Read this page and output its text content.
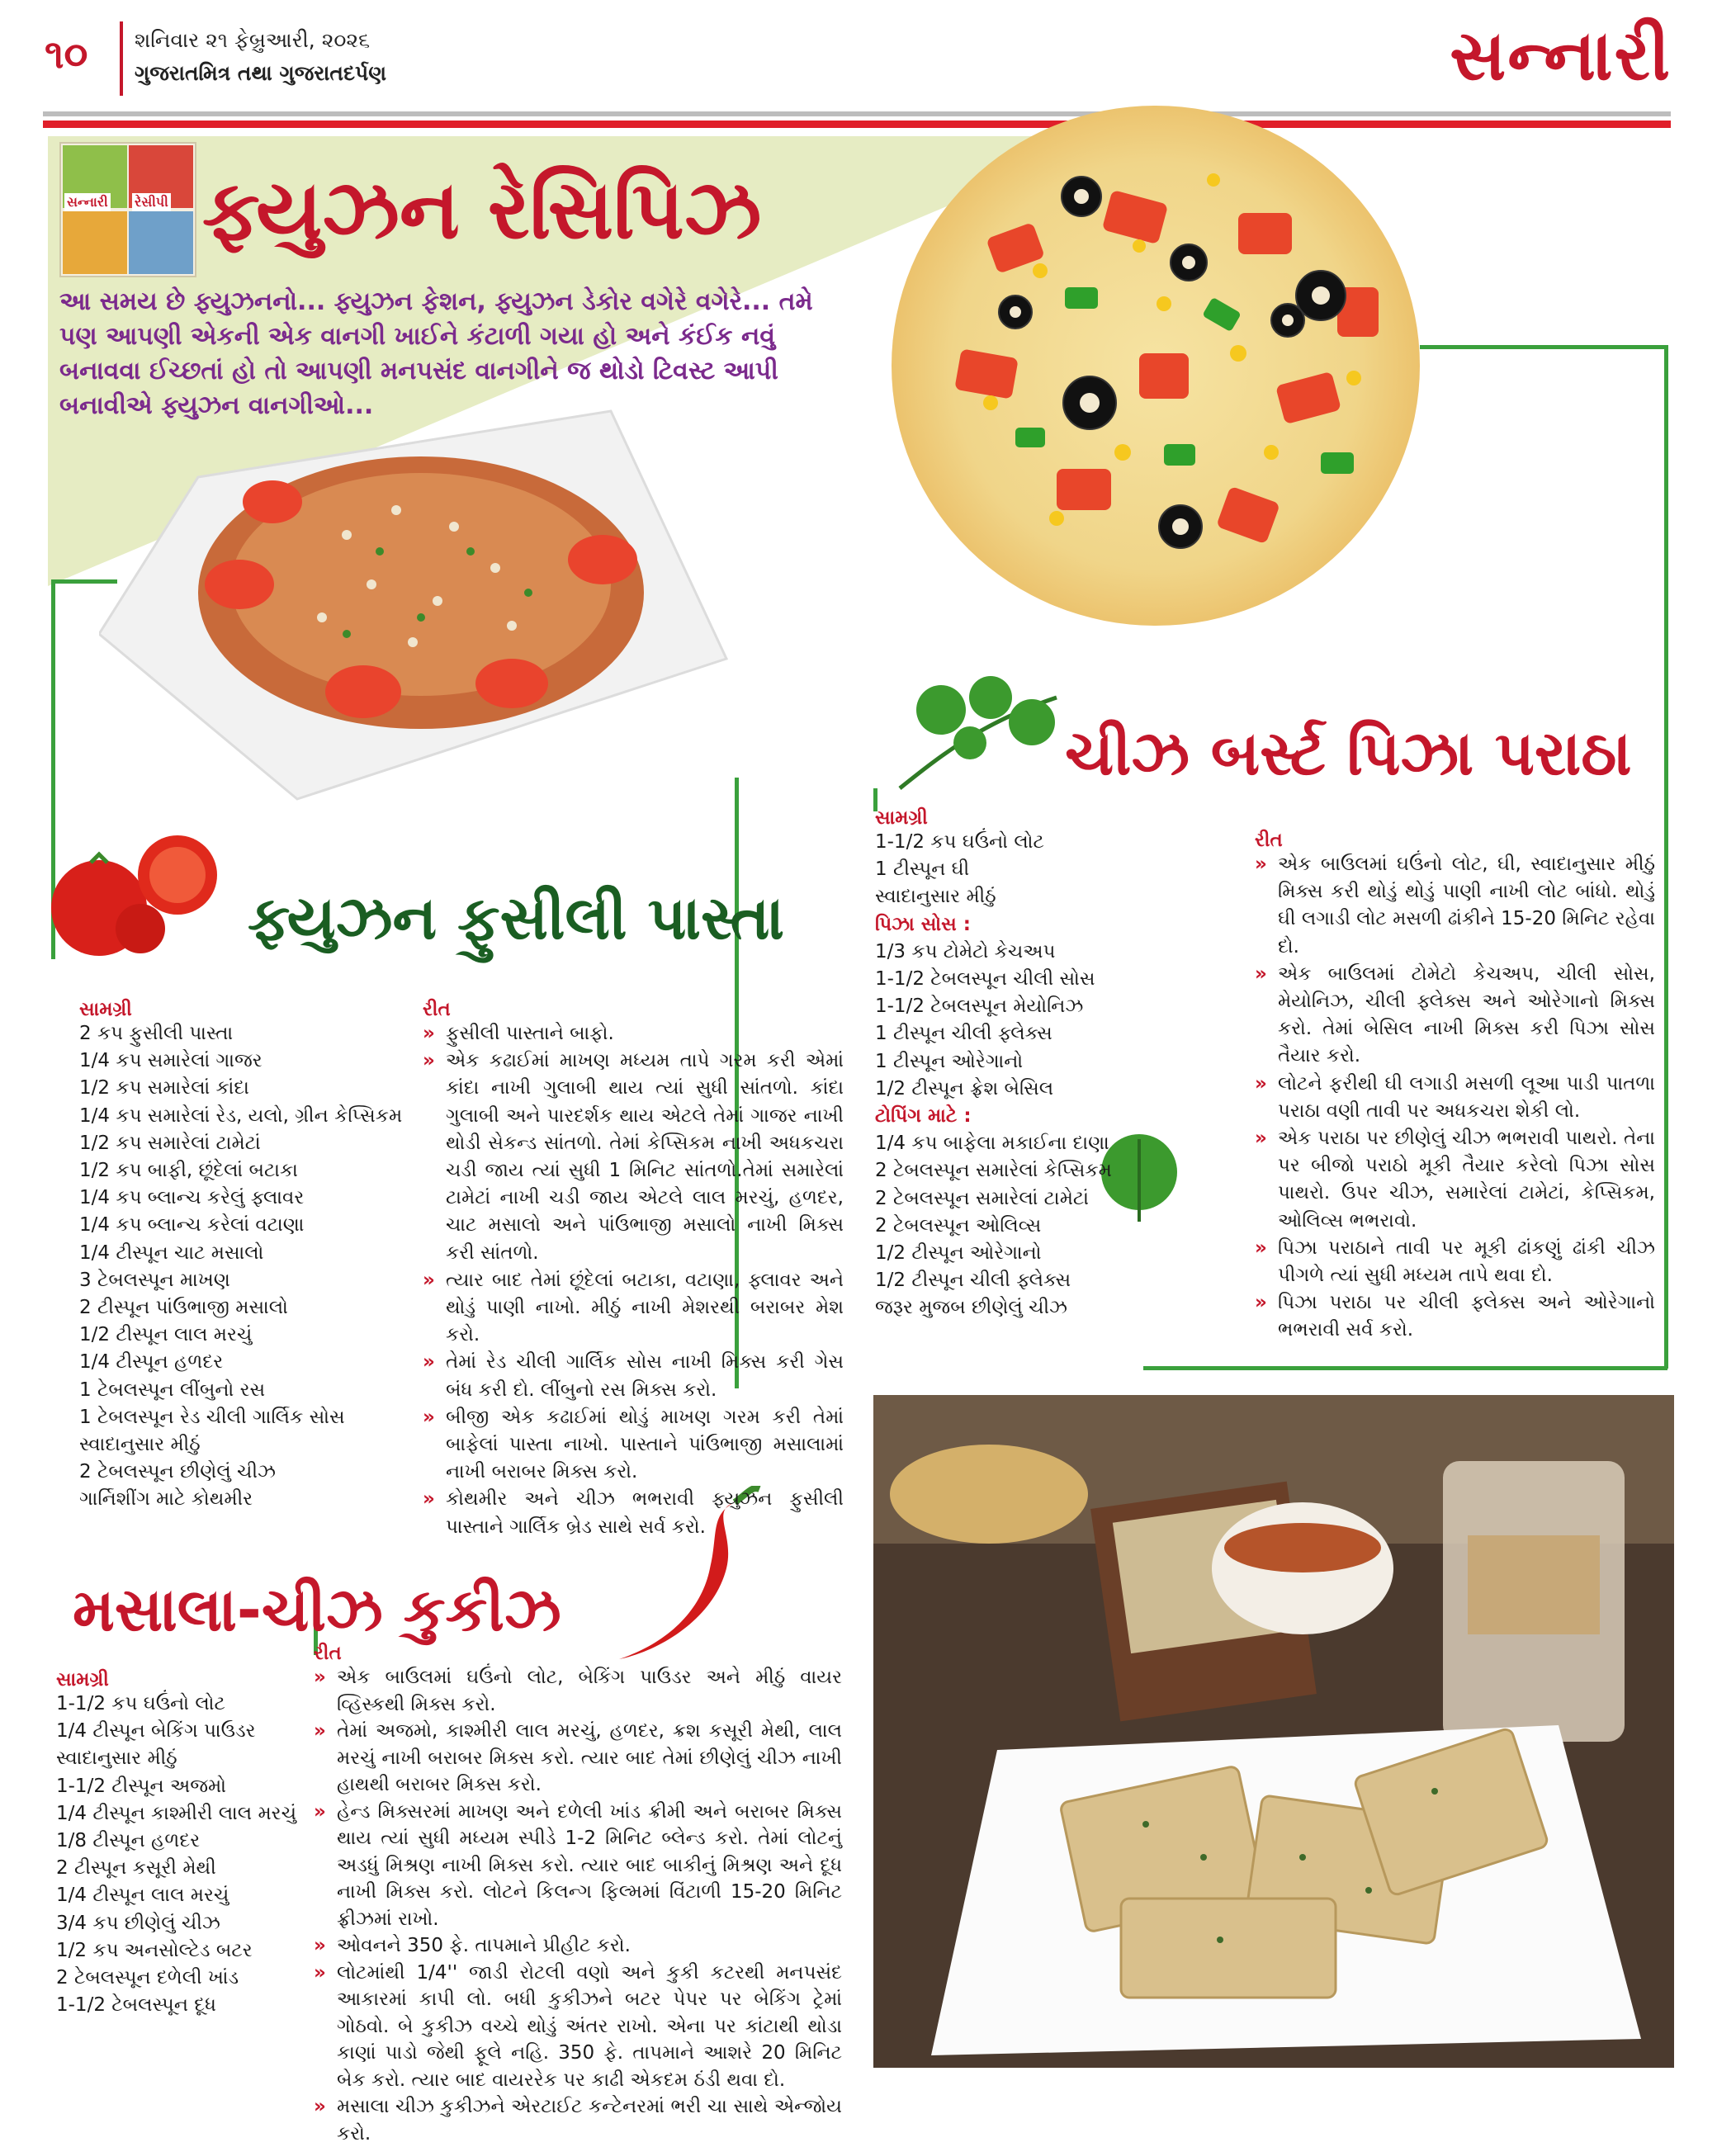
૧૦ શનિવાર ૨૧ ફેબ્રુઆરી, ૨૦૨૬
ગુજરાતમિત્ર તથા ગુજરાતદર્પણ	સન્નારી
સન્નારી રેસીપી ફ્યુઝન રેસિપિઝ
આ સમય છે ફ્યુઝનનો... ફ્યુઝન ફેશન, ફ્યુઝન ડેકોર વગેરે વગેરે... તમે પણ આપણી એકની એક વાનગી ખાઈને કંટાળી ગયા હો અને કંઈક નવું બનાવવા ઈચ્છતાં હો તો આપણી મનપસંદ વાનગીને જ થોડો ટિવસ્ટ આપી બનાવીએ ફ્યુઝન વાનગીઓ...
ચીઝ બર્સ્ટ પિઝા પરાઠા
ફ્યુઝન ફુસીલી પાસ્તા
મસાલા-ચીઝ કુકીઝ

સામગ્રી

2 કપ ફુસીલી પાસ્તા
1/4 કપ સમારેલાં ગાજર
1/2 કપ સમારેલાં કાંદા
1/4 કપ સમારેલાં રેડ, યલો, ગ્રીન કેપ્સિકમ
1/2 કપ સમારેલાં ટામેટાં
1/2 કપ બાફી, છૂંદેલાં બટાકા
1/4 કપ બ્લાન્ચ કરેલું ફ્લાવર
1/4 કપ બ્લાન્ચ કરેલાં વટાણા
1/4 ટીસ્પૂન ચાટ મસાલો
3 ટેબલસ્પૂન માખણ
2 ટીસ્પૂન પાંઉભાજી મસાલો
1/2 ટીસ્પૂન લાલ મરચું
1/4 ટીસ્પૂન હળદર
1 ટેબલસ્પૂન લીંબુનો રસ
1 ટેબલસ્પૂન રેડ ચીલી ગાર્લિક સોસ
સ્વાદાનુસાર મીઠું
2 ટેબલસ્પૂન છીણેલું ચીઝ
ગાર્નિશીંગ માટે કોથમીર

રીત

» ફુસીલી પાસ્તાને બાફો.
» એક કઢાઈમાં માખણ મધ્યમ તાપે ગરમ કરી એમાં કાંદા નાખી ગુલાબી થાય ત્યાં સુધી સાંતળો. કાંદા ગુલાબી અને પારદર્શક થાય એટલે તેમાં ગાજર નાખી થોડી સેકન્ડ સાંતળો. તેમાં કેપ્સિકમ નાખી અધકચરા ચડી જાય ત્યાં સુધી 1 મિનિટ સાંતળો.તેમાં સમારેલાં ટામેટાં નાખી ચડી જાય એટલે લાલ મરચું, હળદર, ચાટ મસાલો અને પાંઉભાજી મસાલો નાખી મિક્સ કરી સાંતળો.
» ત્યાર બાદ તેમાં છૂંદેલાં બટાકા, વટાણા, ફ્લાવર અને થોડું પાણી નાખો. મીઠું નાખી મેશરથી બરાબર મેશ કરો.
» તેમાં રેડ ચીલી ગાર્લિક સોસ નાખી મિક્સ કરી ગેસ બંધ કરી દો. લીંબુનો રસ મિક્સ કરો.
» બીજી એક કઢાઈમાં થોડું માખણ ગરમ કરી તેમાં બાફેલાં પાસ્તા નાખો. પાસ્તાને પાંઉભાજી મસાલામાં નાખી બરાબર મિક્સ કરો.
» કોથમીર અને ચીઝ ભભરાવી ફ્યુઝન ફુસીલી પાસ્તાને ગાર્લિક બ્રેડ સાથે સર્વ કરો.

સામગ્રી

1-1/2 કપ ઘઉંનો લોટ
1 ટીસ્પૂન ઘી
સ્વાદાનુસાર મીઠું
પિઝા સોસ :
1/3 કપ ટોમેટો કેચઅપ
1-1/2 ટેબલસ્પૂન ચીલી સોસ
1-1/2 ટેબલસ્પૂન મેયોનિઝ
1 ટીસ્પૂન ચીલી ફ્લેક્સ
1 ટીસ્પૂન ઓરેગાનો
1/2 ટીસ્પૂન ફ્રેશ બેસિલ
ટોપિંગ માટે :
1/4 કપ બાફેલા મકાઈના દાણા
2 ટેબલસ્પૂન સમારેલાં કેપ્સિકમ
2 ટેબલસ્પૂન સમારેલાં ટામેટાં
2 ટેબલસ્પૂન ઓલિવ્સ
1/2 ટીસ્પૂન ઓરેગાનો
1/2 ટીસ્પૂન ચીલી ફ્લેક્સ
જરૂર મુજબ છીણેલું ચીઝ

રીત

» એક બાઉલમાં ઘઉંનો લોટ, ઘી, સ્વાદાનુસાર મીઠું મિક્સ કરી થોડું થોડું પાણી નાખી લોટ બાંધો. થોડું ઘી લગાડી લોટ મસળી ઢાંકીને 15-20 મિનિટ રહેવા દો.
» એક બાઉલમાં ટોમેટો કેચઅપ, ચીલી સોસ, મેયોનિઝ, ચીલી ફ્લેક્સ અને ઓરેગાનો મિક્સ કરો. તેમાં બેસિલ નાખી મિક્સ કરી પિઝા સોસ તૈયાર કરો.
» લોટને ફરીથી ઘી લગાડી મસળી લૂઆ પાડી પાતળા પરાઠા વણી તાવી પર અધકચરા શેકી લો.
» એક પરાઠા પર છીણેલું ચીઝ ભભરાવી પાથરો. તેના પર બીજો પરાઠો મૂકી તૈયાર કરેલો પિઝા સોસ પાથરો. ઉપર ચીઝ, સમારેલાં ટામેટાં, કેપ્સિકમ, ઓલિવ્સ ભભરાવો.
» પિઝા પરાઠાને તાવી પર મૂકી ઢાંકણું ઢાંકી ચીઝ પીગળે ત્યાં સુધી મધ્યમ તાપે થવા દો.
» પિઝા પરાઠા પર ચીલી ફ્લેક્સ અને ઓરેગાનો ભભરાવી સર્વ કરો.

સામગ્રી

1-1/2 કપ ઘઉંનો લોટ
1/4 ટીસ્પૂન બેકિંગ પાઉડર
સ્વાદાનુસાર મીઠું
1-1/2 ટીસ્પૂન અજમો
1/4 ટીસ્પૂન કાશ્મીરી લાલ મરચું
1/8 ટીસ્પૂન હળદર
2 ટીસ્પૂન કસૂરી મેથી
1/4 ટીસ્પૂન લાલ મરચું
3/4 કપ છીણેલું ચીઝ
1/2 કપ અનસોલ્ટેડ બટર
2 ટેબલસ્પૂન દળેલી ખાંડ
1-1/2 ટેબલસ્પૂન દૂધ

રીત

» એક બાઉલમાં ઘઉંનો લોટ, બેકિંગ પાઉડર અને મીઠું વાયર વ્હિસ્કથી મિક્સ કરો.
» તેમાં અજમો, કાશ્મીરી લાલ મરચું, હળદર, ક્રશ કસૂરી મેથી, લાલ મરચું નાખી બરાબર મિક્સ કરો. ત્યાર બાદ તેમાં છીણેલું ચીઝ નાખી હાથથી બરાબર મિક્સ કરો.
» હેન્ડ મિક્સરમાં માખણ અને દળેલી ખાંડ ક્રીમી અને બરાબર મિક્સ થાય ત્યાં સુધી મધ્યમ સ્પીડે 1-2 મિનિટ બ્લેન્ડ કરો. તેમાં લોટનું અડધું મિશ્રણ નાખી મિક્સ કરો. ત્યાર બાદ બાકીનું મિશ્રણ અને દૂધ નાખી મિક્સ કરો. લોટને કિલન્ગ ફિલ્મમાં વિંટાળી 15-20 મિનિટ ફ્રીઝમાં રાખો.
» ઓવનને 350 ફે. તાપમાને પ્રીહીટ કરો.
» લોટમાંથી 1/4'' જાડી રોટલી વણો અને કુકી કટરથી મનપસંદ આકારમાં કાપી લો. બધી કુકીઝને બટર પેપર પર બેકિંગ ટ્રેમાં ગોઠવો. બે કુકીઝ વચ્ચે થોડું અંતર રાખો. એના પર કાંટાથી થોડા કાણાં પાડો જેથી ફૂલે નહિ. 350 ફે. તાપમાને આશરે 20 મિનિટ બેક કરો. ત્યાર બાદ વાયરરેક પર કાઢી એકદમ ઠંડી થવા દો.
» મસાલા ચીઝ કુકીઝને એરટાઈટ કન્ટેનરમાં ભરી ચા સાથે એન્જોય કરો.
